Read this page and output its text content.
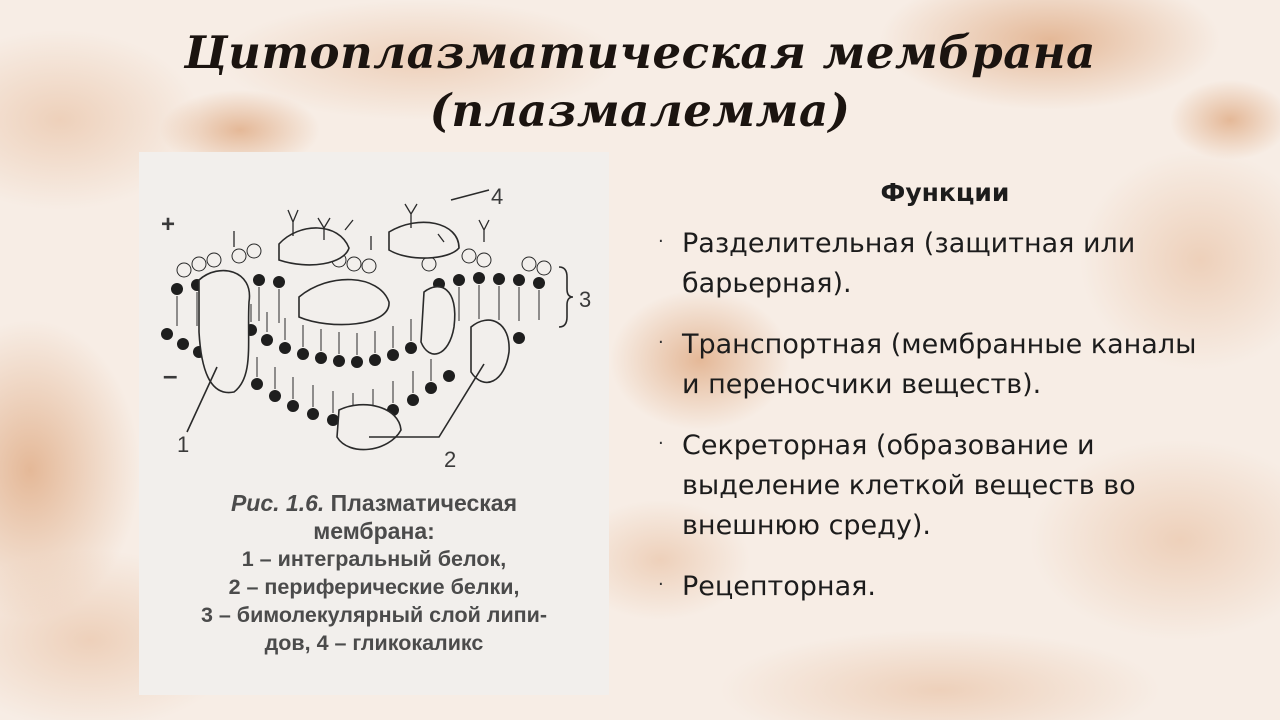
Цитоплазматическая мембрана
(плазмалемма)
+
–
1
2
3
4
Рис. 1.6. Плазматическая
мембрана:
1 – интегральный белок,
2 – периферические белки,
3 – бимолекулярный слой липи-
дов, 4 – гликокаликс
Функции
· Разделительная (защитная или барьерная).
· Транспортная (мембранные каналы и переносчики веществ).
· Секреторная (образование и выделение клеткой веществ во внешнюю среду).
· Рецепторная.
